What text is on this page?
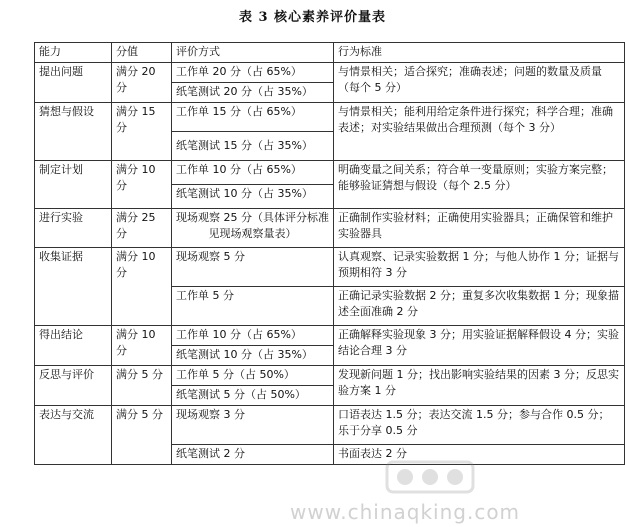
表 3 核心素养评价量表
能力	分值	评价方式	行为标准
提出问题	满分 20 分	工作单 20 分（占 65%）	与情景相关；适合探究；准确表述；问题的数量及质量（每个 5 分）
		纸笔测试 20 分（占 35%）	
猜想与假设	满分 15 分	工作单 15 分（占 65%）	与情景相关；能利用给定条件进行探究；科学合理；准确表述；对实验结果做出合理预测（每个 3 分）
		纸笔测试 15 分（占 35%）	
制定计划	满分 10 分	工作单 10 分（占 65%）	明确变量之间关系；符合单一变量原则；实验方案完整；能够验证猜想与假设（每个 2.5 分）
		纸笔测试 10 分（占 35%）	
进行实验	满分 25 分	现场观察 25 分（具体评分标准见现场观察量表）	正确制作实验材料；正确使用实验器具；正确保管和维护实验器具
收集证据	满分 10 分	现场观察 5 分	认真观察、记录实验数据 1 分；与他人协作 1 分；证据与预期相符 3 分
		工作单 5 分	正确记录实验数据 2 分；重复多次收集数据 1 分；现象描述全面准确 2 分
得出结论	满分 10 分	工作单 10 分（占 65%）	正确解释实验现象 3 分；用实验证据解释假设 4 分；实验结论合理 3 分
		纸笔测试 10 分（占 35%）	
反思与评价	满分 5 分	工作单 5 分（占 50%）	发现新问题 1 分；找出影响实验结果的因素 3 分；反思实验方案 1 分
		纸笔测试 5 分（占 50%）	
表达与交流	满分 5 分	现场观察 3 分	口语表达 1.5 分；表达交流 1.5 分；参与合作 0.5 分；乐于分享 0.5 分
		纸笔测试 2 分	书面表达 2 分
www.chinaqking.com
